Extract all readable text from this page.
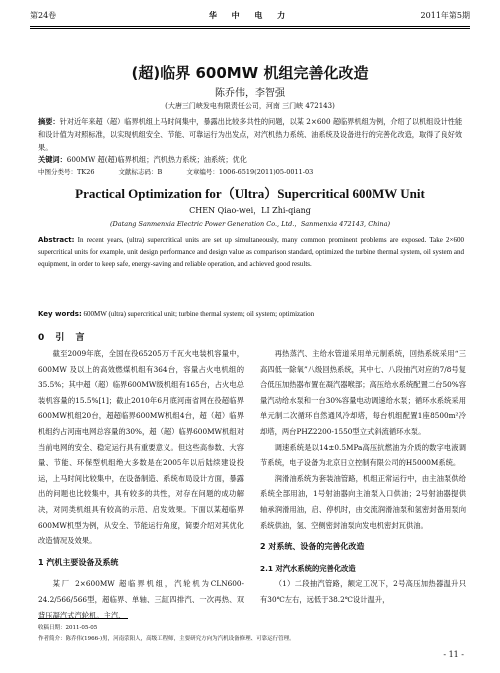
第24卷	华 中 电 力	2011年第5期
(超)临界 600MW 机组完善化改造
陈乔伟，李智强
(大唐三门峡发电有限责任公司，河南 三门峡 472143)
摘要：针对近年来超（超）临界机组上马时间集中，暴露出比较多共性的问题，以某 2×600 超临界机组为例，介绍了以机组设计性能和设计值为对照标准，以实现机组安全、节能、可靠运行为出发点，对汽机热力系统、油系统及设备进行的完善化改造，取得了良好效果。
关键词：600MW 超(超)临界机组；汽机热力系统；油系统；优化
中图分类号：TK26	文献标志码：B	文章编号：1006-6519(2011)05-0011-03
Practical Optimization for（Ultra）Supercritical 600MW Unit
CHEN Qiao-wei，LI Zhi-qiang
(Datang Sanmenxia Electric Power Generation Co., Ltd.，Sanmenxia 472143, China)
Abstract: In recent years, (ultra) supercritical units are set up simultaneously, many common prominent problems are exposed. Take 2×600 supercritical units for example, unit design performance and design value as comparison standard, optimized the turbine thermal system, oil system and equipment, in order to keep safe, energy-saving and reliable operation, and achieved good results.
Key words: 600MW (ultra) supercritical unit; turbine thermal system; oil system; optimization
0 引 言

截至2009年底，全国在役65205万千瓦火电装机容量中，600MW 及以上的高效燃煤机组有364台，容量占火电机组的35.5%；其中超（超）临界600MW级机组有165台，占火电总装机容量的15.5%[1]；截止2010年6月底河南省网在役超临界600MW机组20台，超超临界600MW机组4台，超（超）临界机组约占河南电网总容量的30%，超（超）临界600MW机组对当前电网的安全、稳定运行具有重要意义。但这些高参数、大容量、节能、环保型机组绝大多数是在2005年以后陆续建设投运，上马时间比较集中，在设备制造、系统布局设计方面，暴露出的问题也比较集中，具有较多的共性，对存在问题的成功解决，对同类机组具有较高的示范、启发效果。下面以某超临界600MW机型为例，从安全、节能运行角度，简要介绍对其优化改造情况及效果。

1 汽机主要设备及系统

某厂 2×600MW 超临界机组，汽轮机为CLN600-24.2/566/566型，超临界、单轴、三缸四排汽、一次再热、双背压凝汽式汽轮机。主汽、

再热蒸汽、主给水管道采用单元制系统，回热系统采用“三高四低一除氧”八级回热系统，其中七、八段抽汽对应的7/8号复合低压加热器布置在凝汽器喉部；高压给水系统配置二台50%容量汽动给水泵和一台30%容量电动调速给水泵；循环水系统采用单元制二次循环自然通风冷却塔，每台机组配置1座8500m²冷却塔，两台PHZ2200-1550型立式斜流循环水泵。

调速系统是以14±0.5MPa高压抗燃油为介质的数字电液调节系统，电子设备为北京日立控制有限公司的H5000M系统。

润滑油系统为套装油管路，机组正常运行中，由主油泵供给系统全部用油，1号射油器向主油泵入口供油；2号射油器提供轴承润滑用油，启、停机时，由交流润滑油泵和氢密封备用泵向系统供油，氢、空侧密封油泵向发电机密封瓦供油。

2 对系统、设备的完善化改造
2.1 对汽水系统的完善化改造

（1）二段抽汽管路，额定工况下，2号高压加热器温升只有30℃左右，远低于38.2℃设计温升，

收稿日期：2011-05-05
作者简介：陈乔伟(1966-)男，河南荥阳人，高级工程师，主要研究方向为汽机设备修理、可靠运行管理。
- 11 -
